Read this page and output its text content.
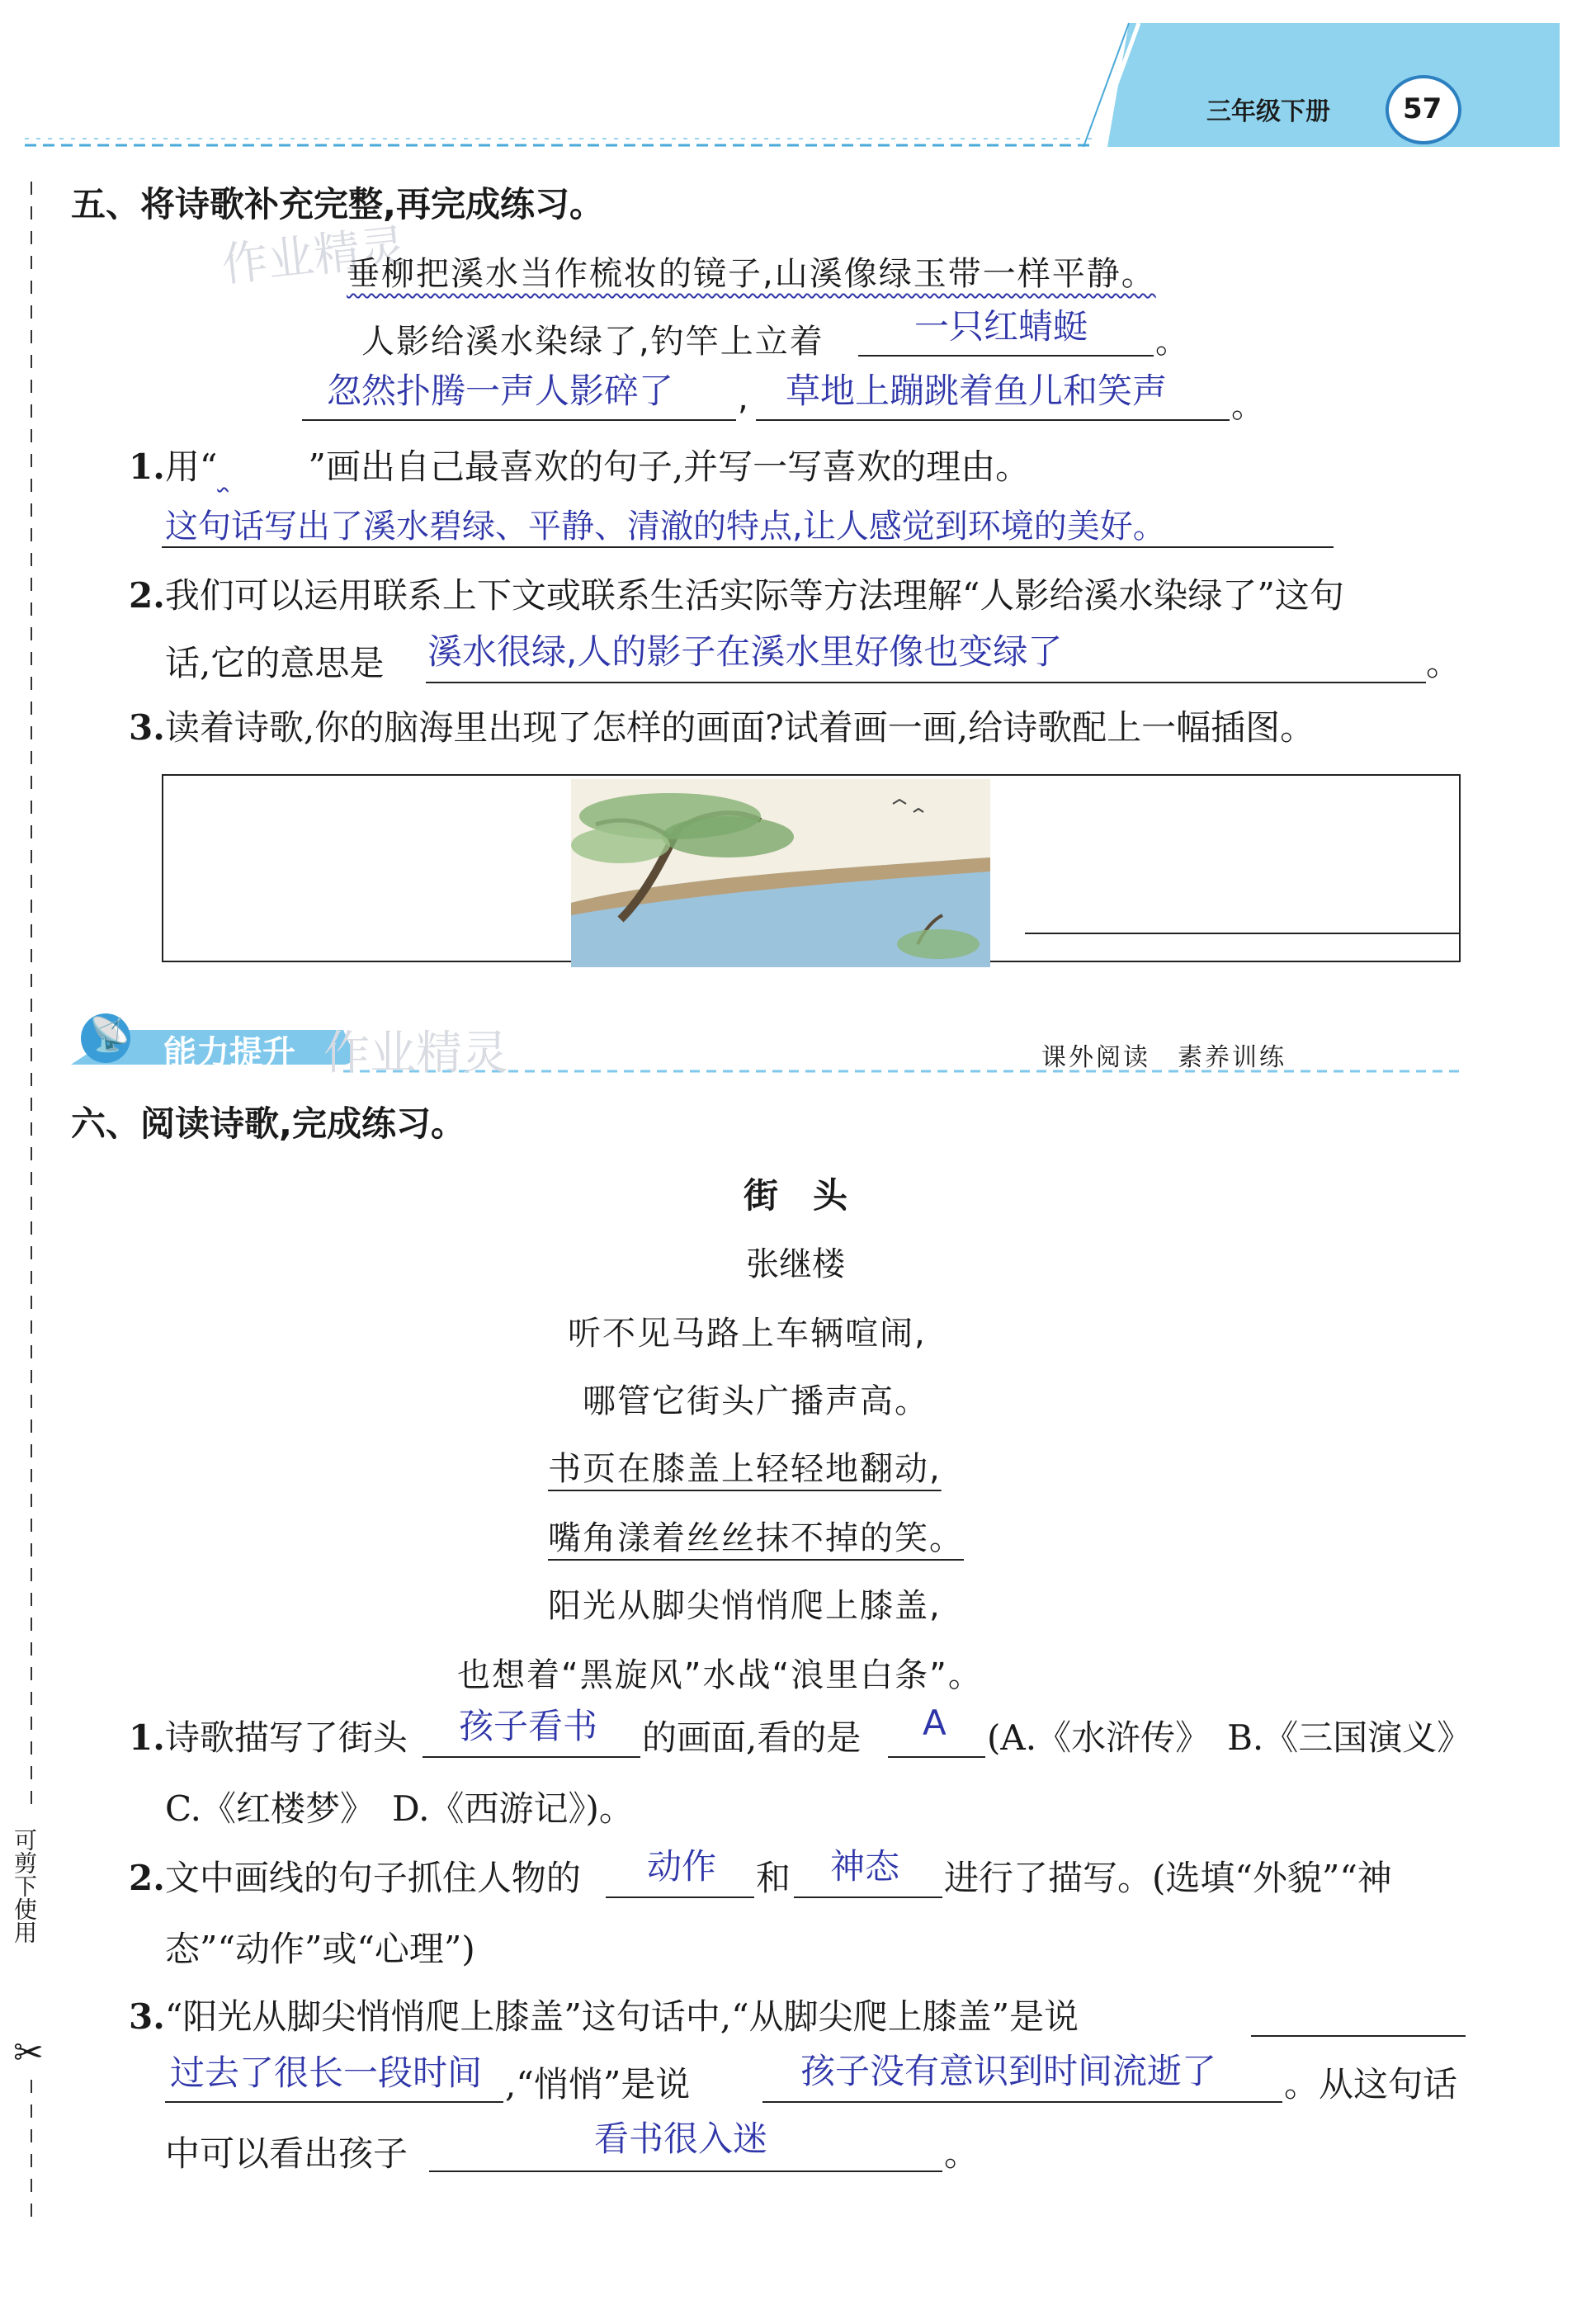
三年级下册	57
可剪下使用
✂
五、将诗歌补充完整,再完成练习。
作业精灵
垂柳把溪水当作梳妆的镜子,山溪像绿玉带一样平静。
人影给溪水染绿了,钓竿上立着	一只红蜻蜓 。
忽然扑腾一声人影碎了 , 草地上蹦跳着鱼儿和笑声 。
1.用“	”画出自己最喜欢的句子,并写一写喜欢的理由。
这句话写出了溪水碧绿、平静、清澈的特点,让人感觉到环境的美好。
2.我们可以运用联系上下文或联系生活实际等方法理解“人影给溪水染绿了”这句
话,它的意思是 溪水很绿,人的影子在溪水里好像也变绿了	。
3.读着诗歌,你的脑海里出现了怎样的画面?试着画一画,给诗歌配上一幅插图。
📡 能力提升 作业精灵	课外阅读　素养训练
六、阅读诗歌,完成练习。
街　头
张继楼
听不见马路上车辆喧闹,
哪管它街头广播声高。
书页在膝盖上轻轻地翻动,
嘴角漾着丝丝抹不掉的笑。
阳光从脚尖悄悄爬上膝盖,
也想着“黑旋风”水战“浪里白条”。
1.诗歌描写了街头 孩子看书 的画面,看的是 A (A.《水浒传》　B.《三国演义》
C.《红楼梦》　D.《西游记》)。
2.文中画线的句子抓住人物的 动作 和 神态 进行了描写。(选填“外貌”“神
态”“动作”或“心理”)
3.“阳光从脚尖悄悄爬上膝盖”这句话中,“从脚尖爬上膝盖”是说
过去了很长一段时间 ,“悄悄”是说	孩子没有意识到时间流逝了 。从这句话
中可以看出孩子	看书很入迷	。
